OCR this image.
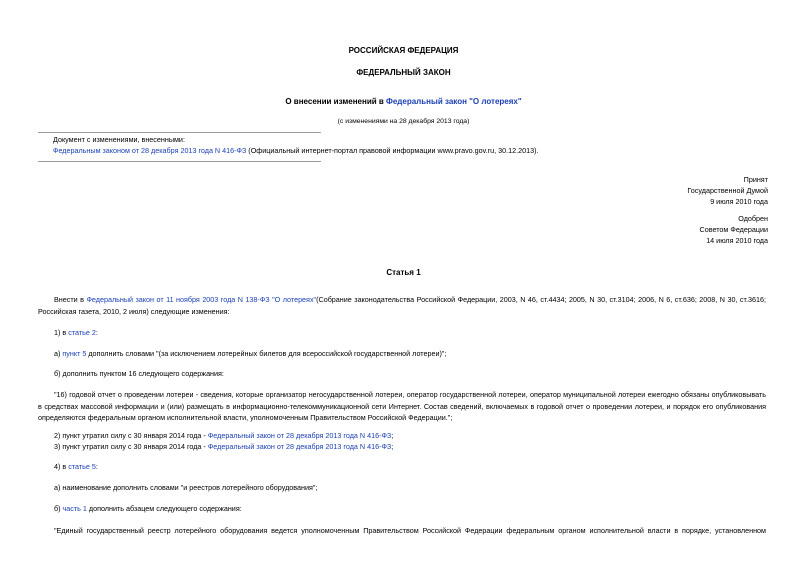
РОССИЙСКАЯ ФЕДЕРАЦИЯ
ФЕДЕРАЛЬНЫЙ ЗАКОН
О внесении изменений в Федеральный закон "О лотереях"
(с изменениями на 28 декабря 2013 года)
Документ с изменениями, внесенными:
Федеральным законом от 28 декабря 2013 года N 416-ФЗ (Официальный интернет-портал правовой информации www.pravo.gov.ru, 30.12.2013).
Принят
Государственной Думой
9 июля 2010 года
Одобрен
Советом Федерации
14 июля 2010 года
Статья 1
Внести в Федеральный закон от 11 ноября 2003 года N 138-ФЗ "О лотереях"(Собрание законодательства Российской Федерации, 2003, N 46, ст.4434; 2005, N 30, ст.3104; 2006, N 6, ст.636; 2008, N 30, ст.3616; Российская газета, 2010, 2 июля) следующие изменения:
1) в статье 2:
а) пункт 5 дополнить словами "(за исключением лотерейных билетов для всероссийской государственной лотереи)";
б) дополнить пунктом 16 следующего содержания:
"16) годовой отчет о проведении лотереи - сведения, которые организатор негосударственной лотереи, оператор государственной лотереи, оператор муниципальной лотереи ежегодно обязаны опубликовывать в средствах массовой информации и (или) размещать в информационно-телекоммуникационной сети Интернет. Состав сведений, включаемых в годовой отчет о проведении лотереи, и порядок его опубликования определяются федеральным органом исполнительной власти, уполномоченным Правительством Российской Федерации.";
2) пункт утратил силу с 30 января 2014 года - Федеральный закон от 28 декабря 2013 года N 416-ФЗ;
3) пункт утратил силу с 30 января 2014 года - Федеральный закон от 28 декабря 2013 года N 416-ФЗ;
4) в статье 5:
а) наименование дополнить словами "и реестров лотерейного оборудования";
б) часть 1 дополнить абзацем следующего содержания:
"Единый государственный реестр лотерейного оборудования ведется уполномоченным Правительством Российской Федерации федеральным органом исполнительной власти в порядке, установленном
